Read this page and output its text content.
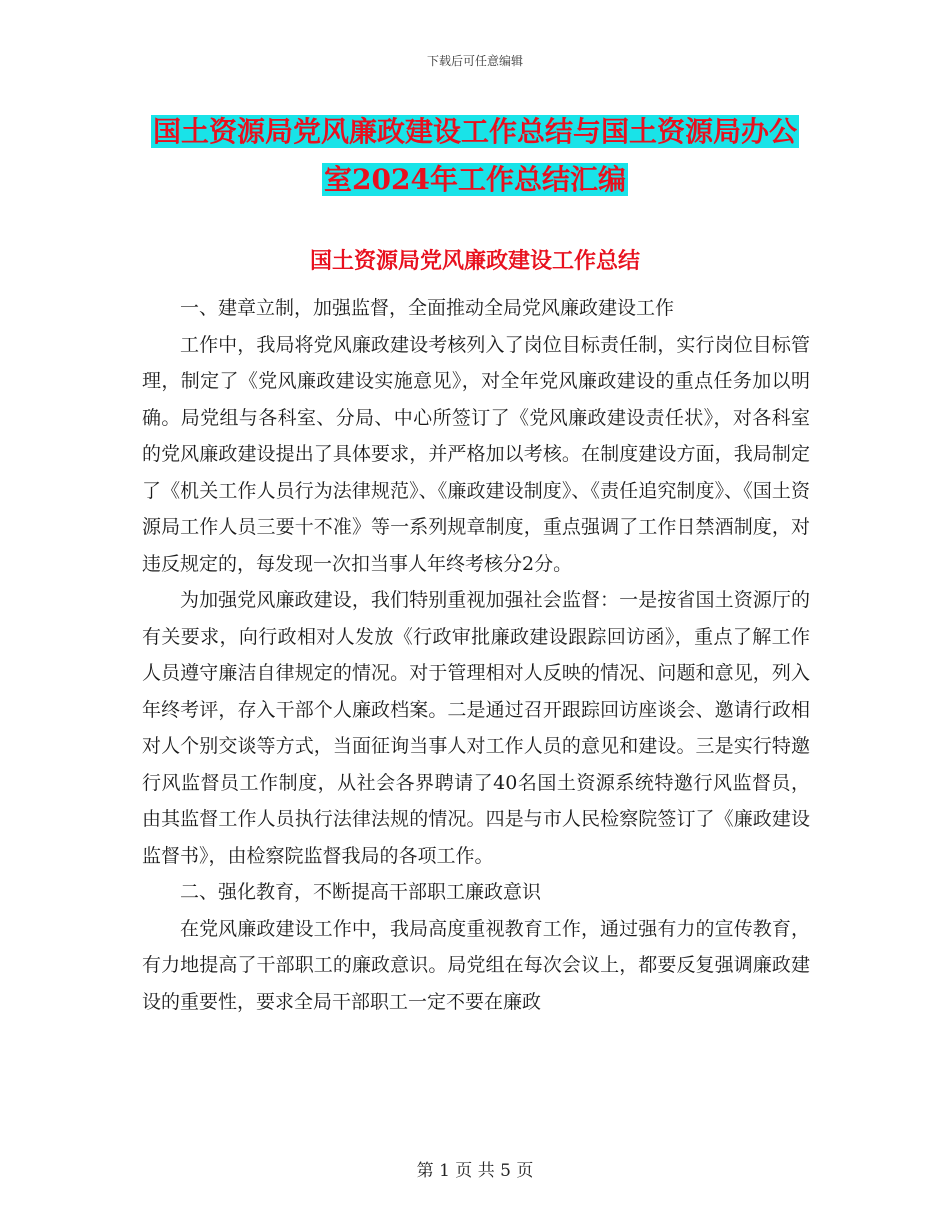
下载后可任意编辑
国土资源局党风廉政建设工作总结与国土资源局办公
室2024年工作总结汇编
国土资源局党风廉政建设工作总结

一、建章立制，加强监督，全面推动全局党风廉政建设工作

工作中，我局将党风廉政建设考核列入了岗位目标责任制，实行岗位目标管理，制定了《党风廉政建设实施意见》，对全年党风廉政建设的重点任务加以明确。局党组与各科室、分局、中心所签订了《党风廉政建设责任状》，对各科室的党风廉政建设提出了具体要求，并严格加以考核。在制度建设方面，我局制定了《机关工作人员行为法律规范》、《廉政建设制度》、《责任追究制度》、《国土资源局工作人员三要十不准》等一系列规章制度，重点强调了工作日禁酒制度，对违反规定的，每发现一次扣当事人年终考核分2分。

为加强党风廉政建设，我们特别重视加强社会监督：一是按省国土资源厅的有关要求，向行政相对人发放《行政审批廉政建设跟踪回访函》，重点了解工作人员遵守廉洁自律规定的情况。对于管理相对人反映的情况、问题和意见，列入年终考评，存入干部个人廉政档案。二是通过召开跟踪回访座谈会、邀请行政相对人个别交谈等方式，当面征询当事人对工作人员的意见和建设。三是实行特邀行风监督员工作制度，从社会各界聘请了40名国土资源系统特邀行风监督员，由其监督工作人员执行法律法规的情况。四是与市人民检察院签订了《廉政建设监督书》，由检察院监督我局的各项工作。

二、强化教育，不断提高干部职工廉政意识

在党风廉政建设工作中，我局高度重视教育工作，通过强有力的宣传教育，有力地提高了干部职工的廉政意识。局党组在每次会议上，都要反复强调廉政建设的重要性，要求全局干部职工一定不要在廉政

第 1 页 共 5 页
